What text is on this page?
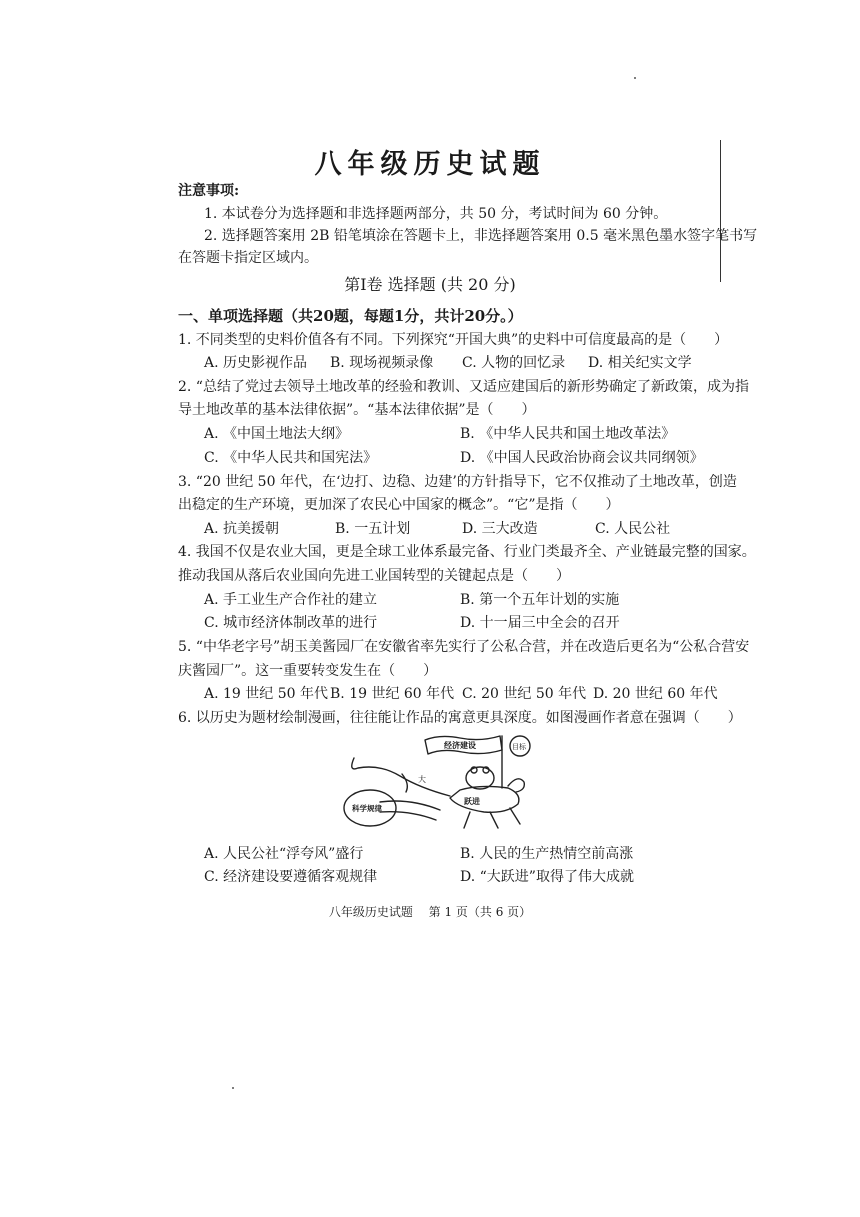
八年级历史试题
注意事项:
1. 本试卷分为选择题和非选择题两部分，共 50 分，考试时间为 60 分钟。
2. 选择题答案用 2B 铅笔填涂在答题卡上，非选择题答案用 0.5 毫米黑色墨水签字笔书写
在答题卡指定区域内。
第Ⅰ卷 选择题 (共 20 分)
一、单项选择题（共20题，每题1分，共计20分。）
1. 不同类型的史料价值各有不同。下列探究“开国大典”的史料中可信度最高的是（　　）
A. 历史影视作品 B. 现场视频录像 C. 人物的回忆录 D. 相关纪实文学
2. “总结了党过去领导土地改革的经验和教训、又适应建国后的新形势确定了新政策，成为指
导土地改革的基本法律依据”。“基本法律依据”是（　　）
A. 《中国土地法大纲》	B. 《中华人民共和国土地改革法》
C. 《中华人民共和国宪法》	D. 《中国人民政治协商会议共同纲领》
3. “20 世纪 50 年代，在‘边打、边稳、边建’的方针指导下，它不仅推动了土地改革，创造
出稳定的生产环境，更加深了农民心中国家的概念”。“它”是指（　　）
A. 抗美援朝	B. 一五计划	D. 三大改造	C. 人民公社
4. 我国不仅是农业大国，更是全球工业体系最完备、行业门类最齐全、产业链最完整的国家。
推动我国从落后农业国向先进工业国转型的关键起点是（　　）
A. 手工业生产合作社的建立	B. 第一个五年计划的实施
C. 城市经济体制改革的进行	D. 十一届三中全会的召开
5. “中华老字号”胡玉美酱园厂在安徽省率先实行了公私合营，并在改造后更名为“公私合营安
庆酱园厂”。这一重要转变发生在（　　）
A. 19 世纪 50 年代 B. 19 世纪 60 年代 C. 20 世纪 50 年代 D. 20 世纪 60 年代
6. 以历史为题材绘制漫画，往往能让作品的寓意更具深度。如图漫画作者意在强调（　　）
经济建设	目标
大
跃进
科学规律
A. 人民公社“浮夸风”盛行	B. 人民的生产热情空前高涨
C. 经济建设要遵循客观规律	D. “大跃进”取得了伟大成就
八年级历史试题　 第 1 页（共 6 页）
